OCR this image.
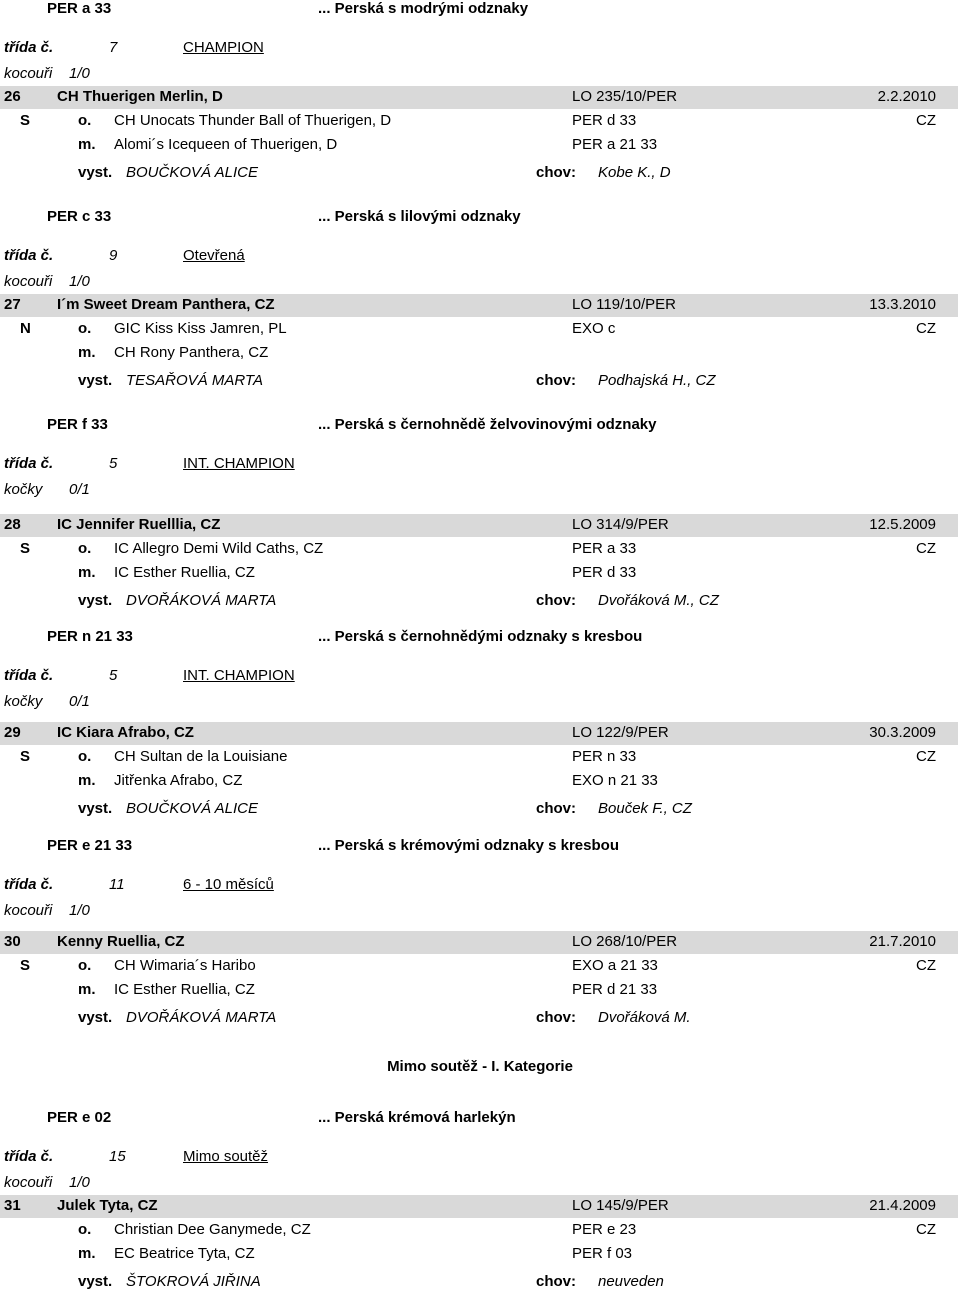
PER a 33	... Perská s modrými odznaky
třída č.	7	CHAMPION
kocouři 1/0
26 CH Thuerigen Merlin, D	LO 235/10/PER	2.2.2010
S	o. CH Unocats Thunder Ball of Thuerigen, D	PER d 33	CZ
m. Alomi´s Icequeen of Thuerigen, D	PER a 21 33
vyst. BOUČKOVÁ ALICE	chov: Kobe K., D
PER c 33	... Perská s lilovými odznaky
třída č.	9	Otevřená
kocouři 1/0
27 I´m Sweet Dream Panthera, CZ	LO 119/10/PER	13.3.2010
N	o. GIC Kiss Kiss Jamren, PL	EXO c	CZ
m. CH Rony Panthera, CZ
vyst. TESAŘOVÁ MARTA	chov: Podhajská H., CZ
PER f 33	... Perská s černohnědě želvovinovými odznaky
třída č.	5	INT. CHAMPION
kočky 0/1
28 IC Jennifer Ruelllia, CZ	LO 314/9/PER	12.5.2009
S	o. IC Allegro Demi Wild Caths, CZ	PER a 33	CZ
m. IC Esther Ruellia, CZ	PER d 33
vyst. DVOŘÁKOVÁ MARTA	chov: Dvořáková M., CZ
PER n 21 33	... Perská s černohnědými odznaky s kresbou
třída č.	5	INT. CHAMPION
kočky 0/1
29 IC Kiara Afrabo, CZ	LO 122/9/PER	30.3.2009
S	o. CH Sultan de la Louisiane	PER n 33	CZ
m. Jitřenka Afrabo, CZ	EXO n 21 33
vyst. BOUČKOVÁ ALICE	chov: Bouček F., CZ
PER e 21 33	... Perská s krémovými odznaky s kresbou
třída č.	11	6 - 10 měsíců
kocouři 1/0
30 Kenny Ruellia, CZ	LO 268/10/PER	21.7.2010
S	o. CH Wimaria´s Haribo	EXO a 21 33	CZ
m. IC Esther Ruellia, CZ	PER d 21 33
vyst. DVOŘÁKOVÁ MARTA	chov: Dvořáková M.
PER e 02	... Perská krémová harlekýn
třída č.	15	Mimo soutěž
kocouři 1/0
31 Julek Tyta, CZ	LO 145/9/PER	21.4.2009
o. Christian Dee Ganymede, CZ	PER e 23	CZ
m. EC Beatrice Tyta, CZ	PER f 03
vyst. ŠTOKROVÁ JIŘINA	chov: neuveden
Mimo soutěž - I. Kategorie
